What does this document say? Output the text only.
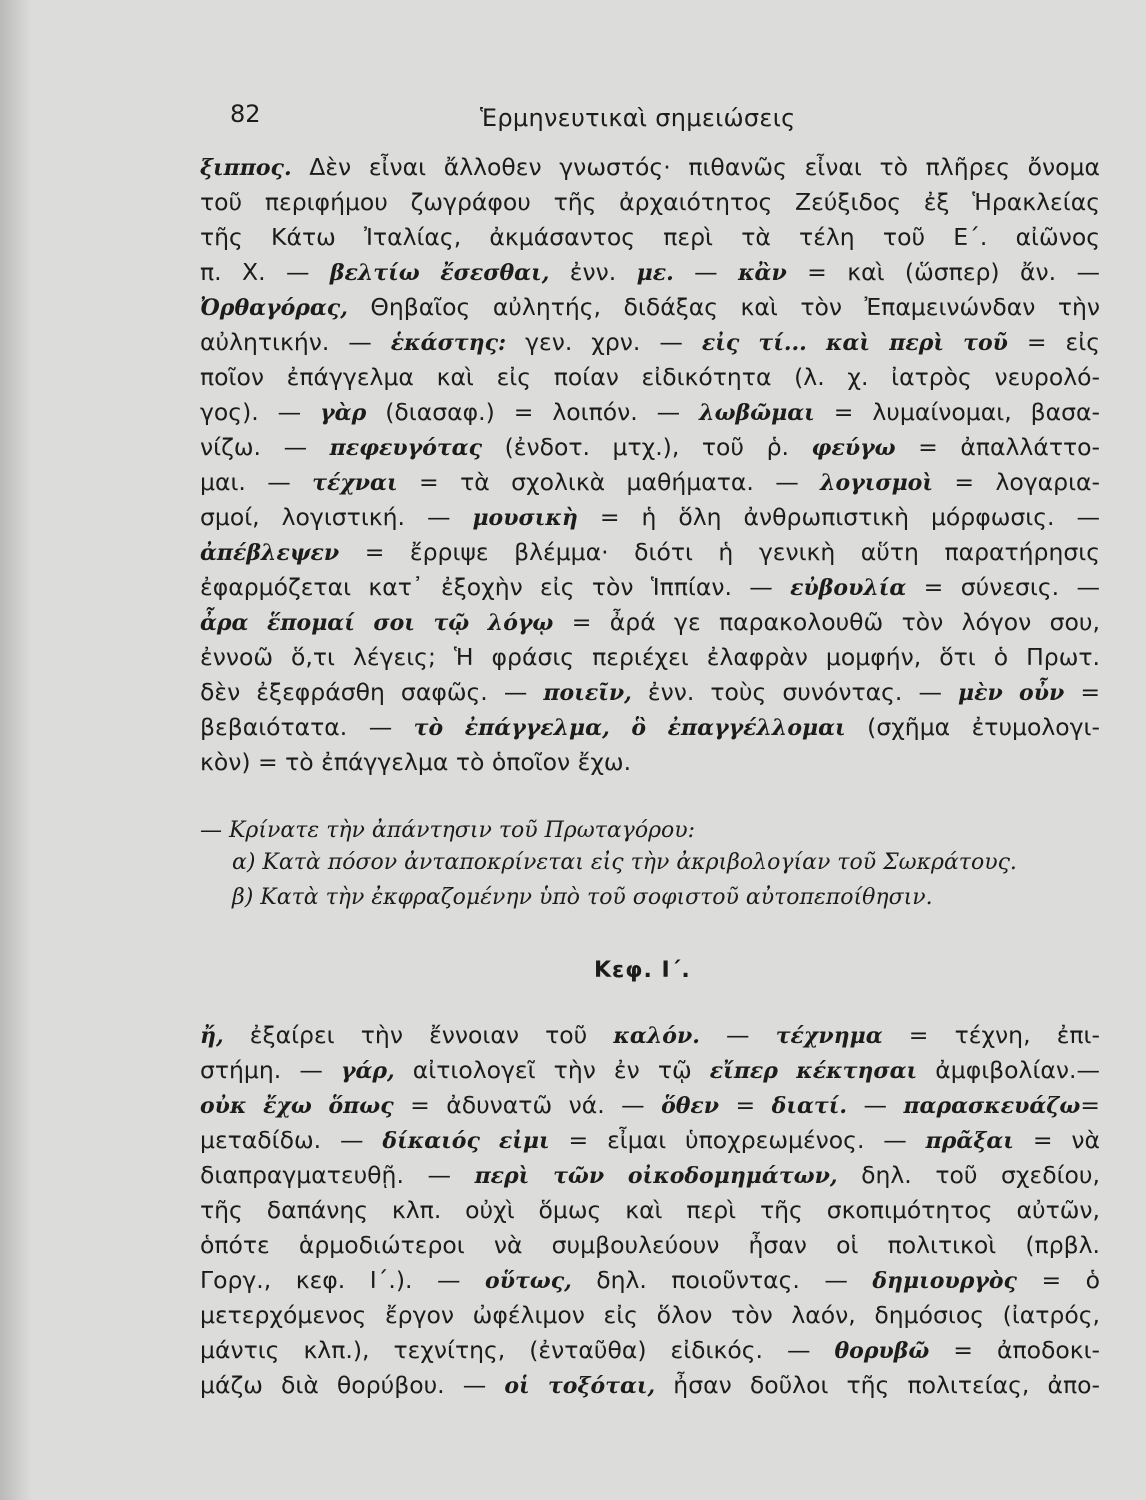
82	Ἑρμηνευτικαὶ σημειώσεις
ξιππος. Δὲν εἶναι ἄλλοθεν γνωστός· πιθανῶς εἶναι τὸ πλῆρες ὄνομα
τοῦ περιφήμου ζωγράφου τῆς ἀρχαιότητος Ζεύξιδος ἐξ Ἡρακλείας
τῆς Κάτω Ἰταλίας, ἀκμάσαντος περὶ τὰ τέλη τοῦ Ε΄. αἰῶνος
π. Χ. — βελτίω ἔσεσθαι, ἐνν. με. — κἂν = καὶ (ὥσπερ) ἄν. —
Ὀρθαγόρας, Θηβαῖος αὐλητής, διδάξας καὶ τὸν Ἐπαμεινώνδαν τὴν
αὐλητικήν. — ἑκάστης: γεν. χρν. — εἰς τί... καὶ περὶ τοῦ = εἰς
ποῖον ἐπάγγελμα καὶ εἰς ποίαν εἰδικότητα (λ. χ. ἰατρὸς νευρολό-
γος). — γὰρ (διασαφ.) = λοιπόν. — λωβῶμαι = λυμαίνομαι, βασα-
νίζω. — πεφευγότας (ἐνδοτ. μτχ.), τοῦ ῥ. φεύγω = ἀπαλλάττο-
μαι. — τέχναι = τὰ σχολικὰ μαθήματα. — λογισμοὶ = λογαρια-
σμοί, λογιστική. — μουσικὴ = ἡ ὅλη ἀνθρωπιστικὴ μόρφωσις. —
ἀπέβλεψεν = ἔρριψε βλέμμα· διότι ἡ γενικὴ αὕτη παρατήρησις
ἐφαρμόζεται κατ᾽ ἐξοχὴν εἰς τὸν Ἱππίαν. — εὐβουλία = σύνεσις. —
ἆρα ἕπομαί σοι τῷ λόγῳ = ἆρά γε παρακολουθῶ τὸν λόγον σου,
ἐννοῶ ὅ,τι λέγεις; Ἡ φράσις περιέχει ἐλαφρὰν μομφήν, ὅτι ὁ Πρωτ.
δὲν ἐξεφράσθη σαφῶς. — ποιεῖν, ἐνν. τοὺς συνόντας. — μὲν οὖν =
βεβαιότατα. — τὸ ἐπάγγελμα, ὃ ἐπαγγέλλομαι (σχῆμα ἐτυμολογι-
κὸν) = τὸ ἐπάγγελμα τὸ ὁποῖον ἔχω.
— Κρίνατε τὴν ἀπάντησιν τοῦ Πρωταγόρου:
α) Κατὰ πόσον ἀνταποκρίνεται εἰς τὴν ἀκριβολογίαν τοῦ Σωκράτους.
β) Κατὰ τὴν ἐκφραζομένην ὑπὸ τοῦ σοφιστοῦ αὐτοπεποίθησιν.
Κεφ. Ι΄.
ἤ, ἐξαίρει τὴν ἔννοιαν τοῦ καλόν. — τέχνημα = τέχνη, ἐπι-
στήμη. — γάρ, αἰτιολογεῖ τὴν ἐν τῷ εἴπερ κέκτησαι ἀμφιβολίαν.—
οὐκ ἔχω ὅπως = ἀδυνατῶ νά. — ὅθεν = διατί. — παρασκευάζω=
μεταδίδω. — δίκαιός εἰμι = εἶμαι ὑποχρεωμένος. — πρᾶξαι = νὰ
διαπραγματευθῇ. — περὶ τῶν οἰκοδομημάτων, δηλ. τοῦ σχεδίου,
τῆς δαπάνης κλπ. οὐχὶ ὅμως καὶ περὶ τῆς σκοπιμότητος αὐτῶν,
ὁπότε ἁρμοδιώτεροι νὰ συμβουλεύουν ἦσαν οἱ πολιτικοὶ (πρβλ.
Γοργ., κεφ. Ι΄.). — οὕτως, δηλ. ποιοῦντας. — δημιουργὸς = ὁ
μετερχόμενος ἔργον ὠφέλιμον εἰς ὅλον τὸν λαόν, δημόσιος (ἰατρός,
μάντις κλπ.), τεχνίτης, (ἐνταῦθα) εἰδικός. — θορυβῶ = ἀποδοκι-
μάζω διὰ θορύβου. — οἱ τοξόται, ἦσαν δοῦλοι τῆς πολιτείας, ἀπο-
